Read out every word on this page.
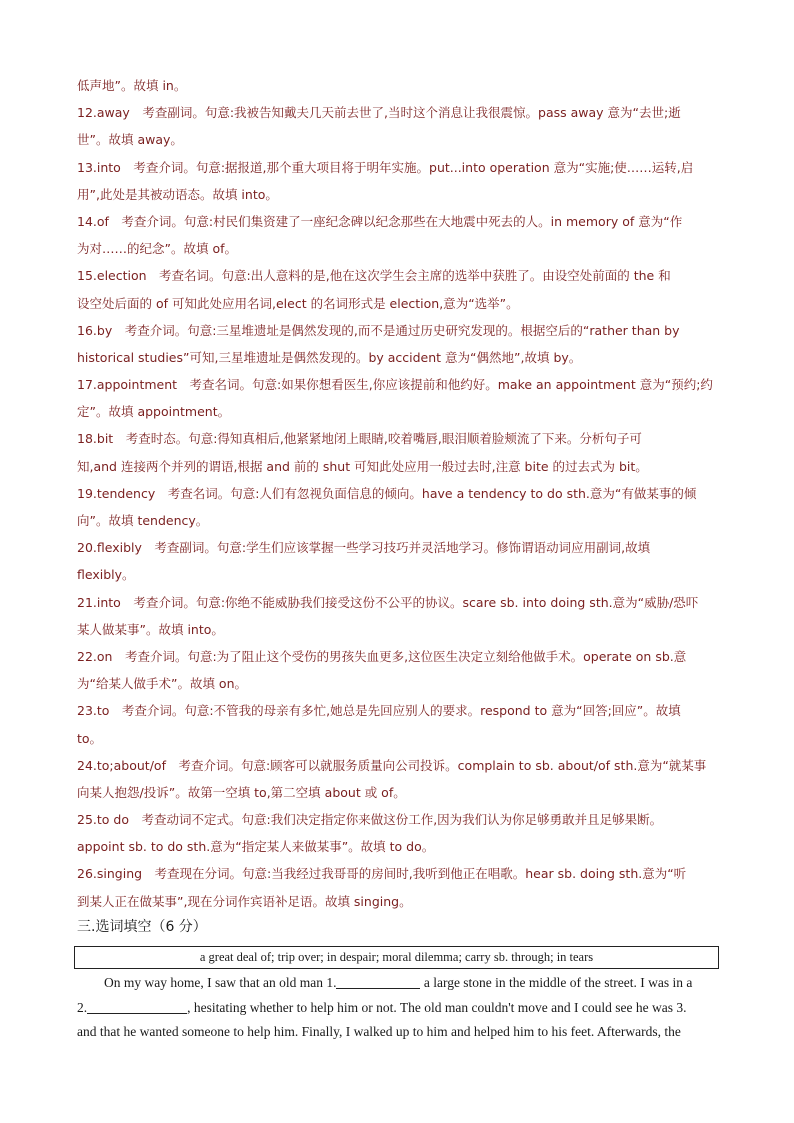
低声地”。故填 in。
12.away　考查副词。句意:我被告知戴夫几天前去世了,当时这个消息让我很震惊。pass away 意为“去世;逝
世”。故填 away。
13.into　考查介词。句意:据报道,那个重大项目将于明年实施。put...into operation 意为“实施;使……运转,启
用”,此处是其被动语态。故填 into。
14.of　考查介词。句意:村民们集资建了一座纪念碑以纪念那些在大地震中死去的人。in memory of 意为“作
为对……的纪念”。故填 of。
15.election　考查名词。句意:出人意料的是,他在这次学生会主席的选举中获胜了。由设空处前面的 the 和
设空处后面的 of 可知此处应用名词,elect 的名词形式是 election,意为“选举”。
16.by　考查介词。句意:三星堆遗址是偶然发现的,而不是通过历史研究发现的。根据空后的“rather than by
historical studies”可知,三星堆遗址是偶然发现的。by accident 意为“偶然地”,故填 by。
17.appointment　考查名词。句意:如果你想看医生,你应该提前和他约好。make an appointment 意为“预约;约
定”。故填 appointment。
18.bit　考查时态。句意:得知真相后,他紧紧地闭上眼睛,咬着嘴唇,眼泪顺着脸颊流了下来。分析句子可
知,and 连接两个并列的谓语,根据 and 前的 shut 可知此处应用一般过去时,注意 bite 的过去式为 bit。
19.tendency　考查名词。句意:人们有忽视负面信息的倾向。have a tendency to do sth.意为“有做某事的倾
向”。故填 tendency。
20.flexibly　考查副词。句意:学生们应该掌握一些学习技巧并灵活地学习。修饰谓语动词应用副词,故填
flexibly。
21.into　考查介词。句意:你绝不能威胁我们接受这份不公平的协议。scare sb. into doing sth.意为“威胁/恐吓
某人做某事”。故填 into。
22.on　考查介词。句意:为了阻止这个受伤的男孩失血更多,这位医生决定立刻给他做手术。operate on sb.意
为“给某人做手术”。故填 on。
23.to　考查介词。句意:不管我的母亲有多忙,她总是先回应别人的要求。respond to 意为“回答;回应”。故填
to。
24.to;about/of　考查介词。句意:顾客可以就服务质量向公司投诉。complain to sb. about/of sth.意为“就某事
向某人抱怨/投诉”。故第一空填 to,第二空填 about 或 of。
25.to do　考查动词不定式。句意:我们决定指定你来做这份工作,因为我们认为你足够勇敢并且足够果断。
appoint sb. to do sth.意为“指定某人来做某事”。故填 to do。
26.singing　考查现在分词。句意:当我经过我哥哥的房间时,我听到他正在唱歌。hear sb. doing sth.意为“听
到某人正在做某事”,现在分词作宾语补足语。故填 singing。
三.选词填空（6 分）
a great deal of; trip over; in despair; moral dilemma; carry sb. through; in tears
On my way home, I saw that an old man 1.	a large stone in the middle of the street. I was in a
2.	, hesitating whether to help him or not. The old man couldn't move and I could see he was 3.
and that he wanted someone to help him. Finally, I walked up to him and helped him to his feet. Afterwards, the
